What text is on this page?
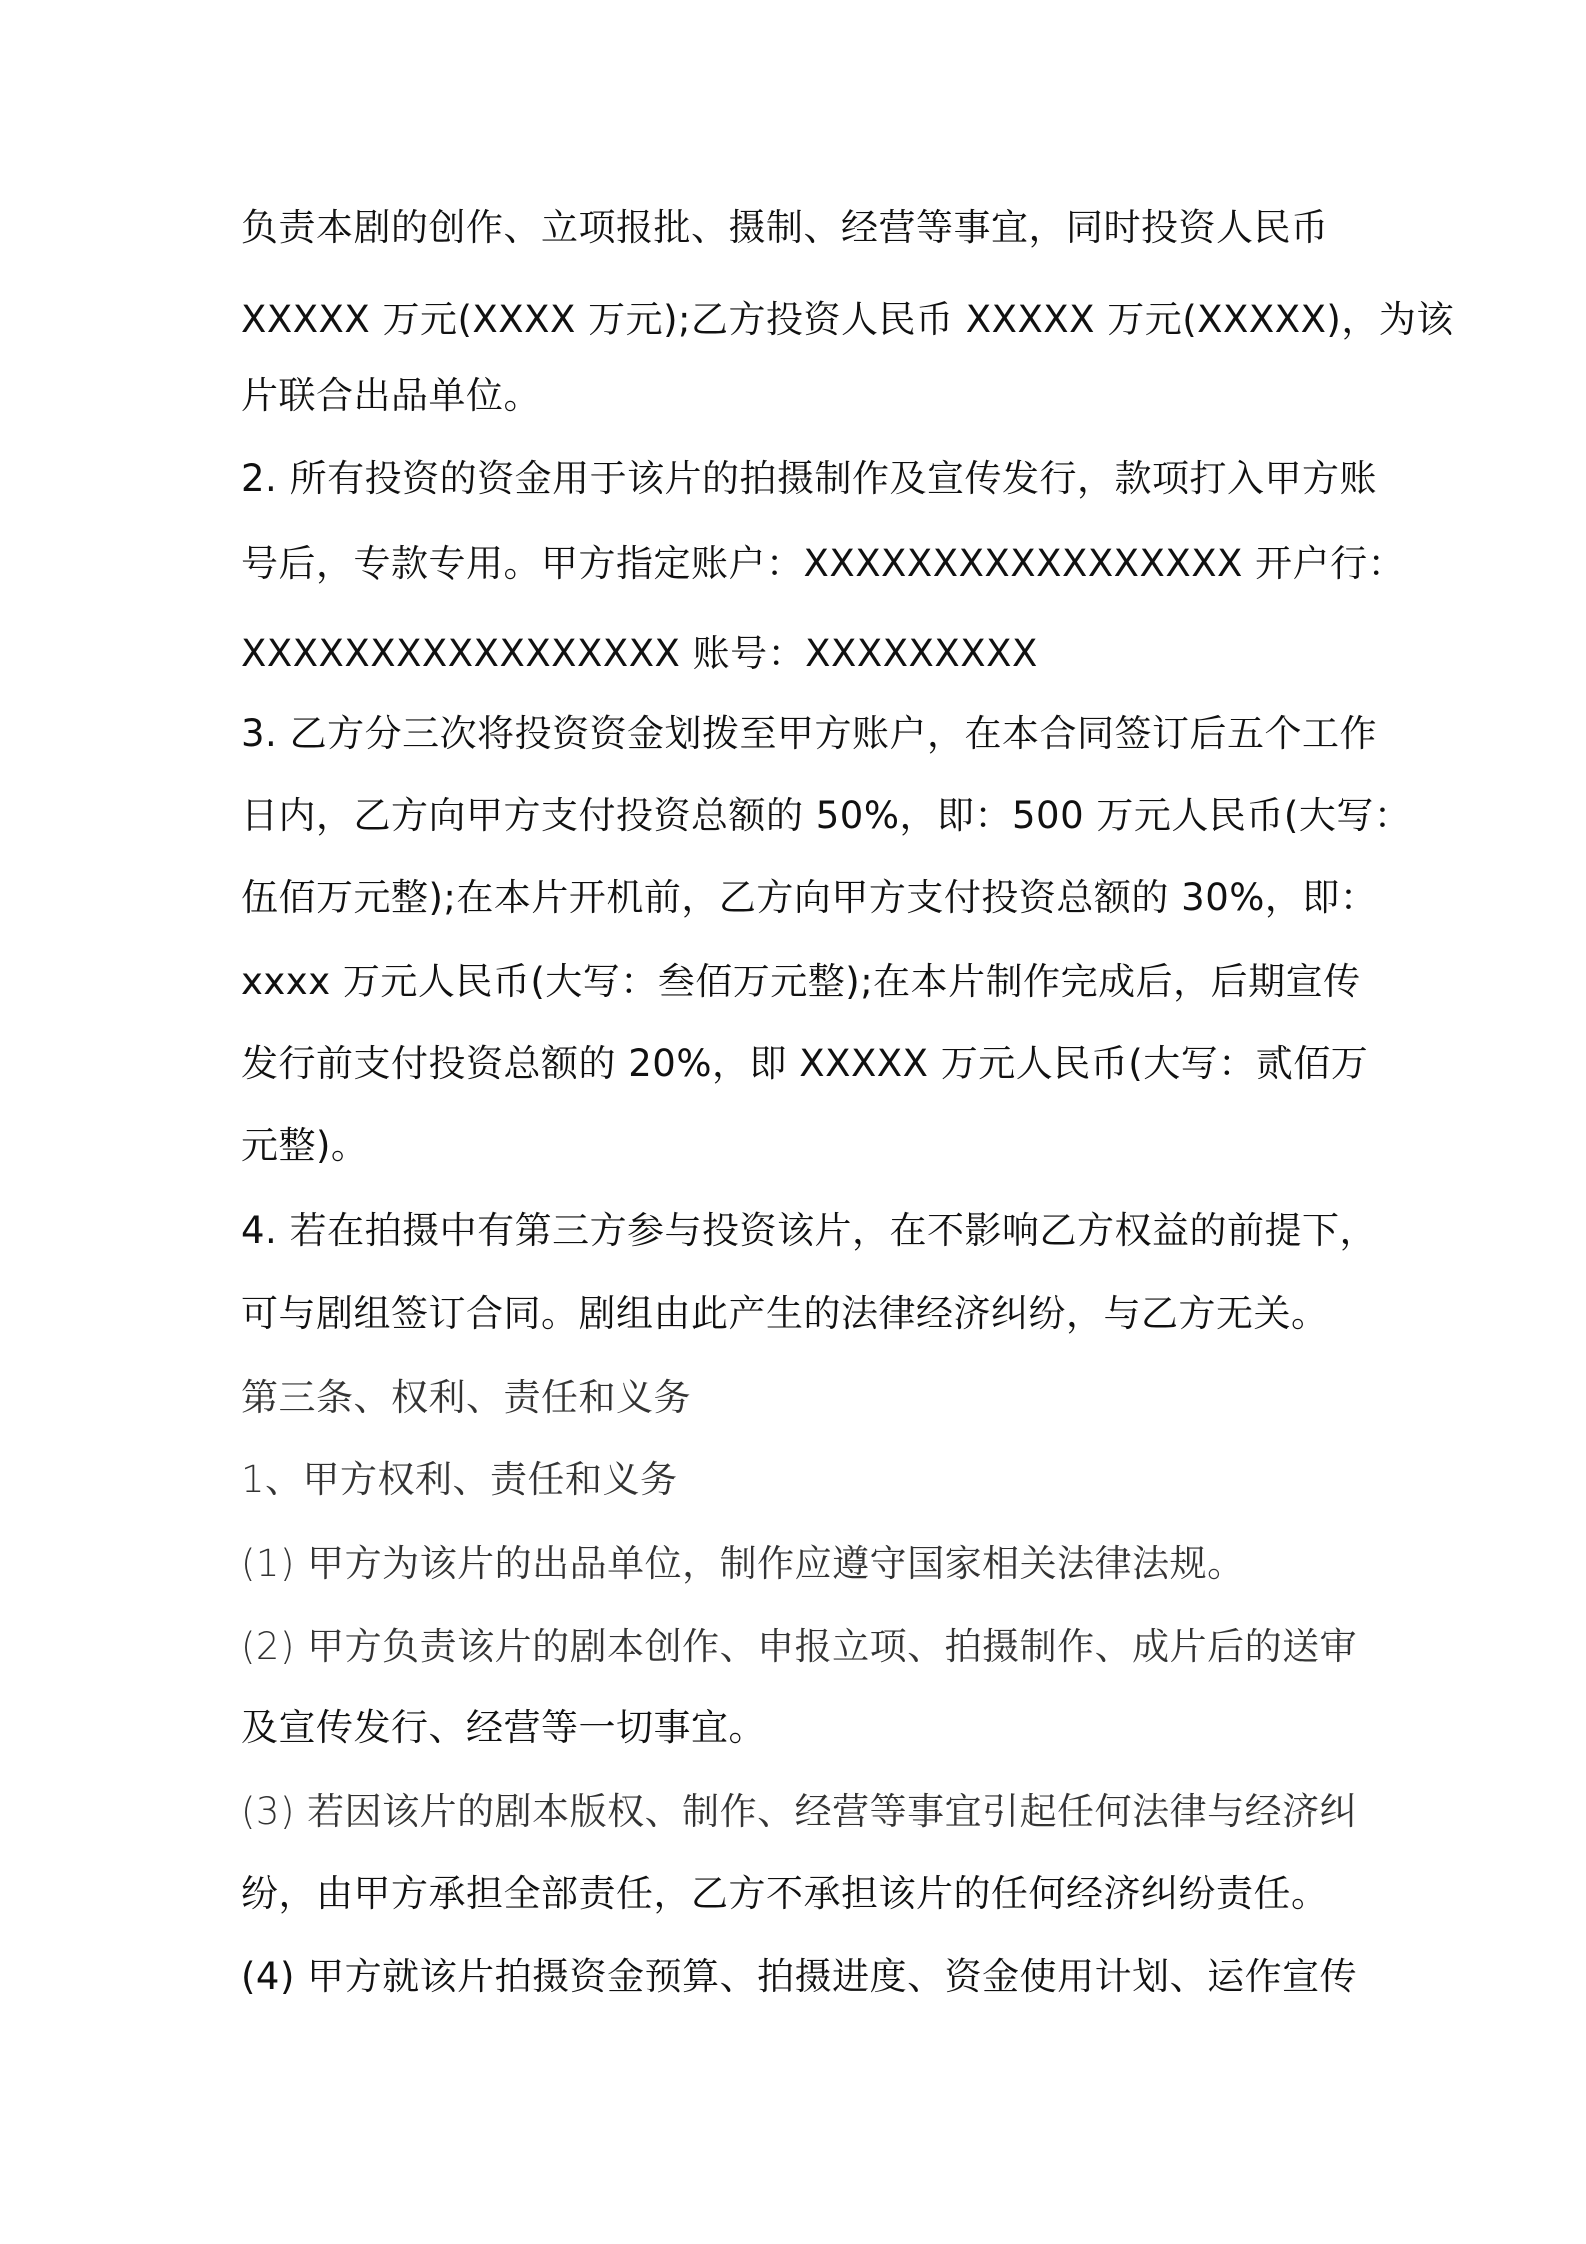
负责本剧的创作、立项报批、摄制、经营等事宜，同时投资人民币
XXXXX 万元(XXXX 万元);乙方投资人民币 XXXXX 万元(XXXXX)，为该
片联合出品单位。
2. 所有投资的资金用于该片的拍摄制作及宣传发行，款项打入甲方账
号后，专款专用。甲方指定账户：XXXXXXXXXXXXXXXXX 开户行：
XXXXXXXXXXXXXXXXX 账号：XXXXXXXXX
3. 乙方分三次将投资资金划拨至甲方账户，在本合同签订后五个工作
日内，乙方向甲方支付投资总额的 50%，即：500 万元人民币(大写：
伍佰万元整);在本片开机前，乙方向甲方支付投资总额的 30%，即：
xxxx 万元人民币(大写：叁佰万元整);在本片制作完成后，后期宣传
发行前支付投资总额的 20%，即 XXXXX 万元人民币(大写：贰佰万
元整)。
4. 若在拍摄中有第三方参与投资该片，在不影响乙方权益的前提下，
可与剧组签订合同。剧组由此产生的法律经济纠纷，与乙方无关。
第三条、权利、责任和义务
1、甲方权利、责任和义务
(1) 甲方为该片的出品单位，制作应遵守国家相关法律法规。
(2) 甲方负责该片的剧本创作、申报立项、拍摄制作、成片后的送审
及宣传发行、经营等一切事宜。
(3) 若因该片的剧本版权、制作、经营等事宜引起任何法律与经济纠
纷，由甲方承担全部责任，乙方不承担该片的任何经济纠纷责任。
(4) 甲方就该片拍摄资金预算、拍摄进度、资金使用计划、运作宣传
